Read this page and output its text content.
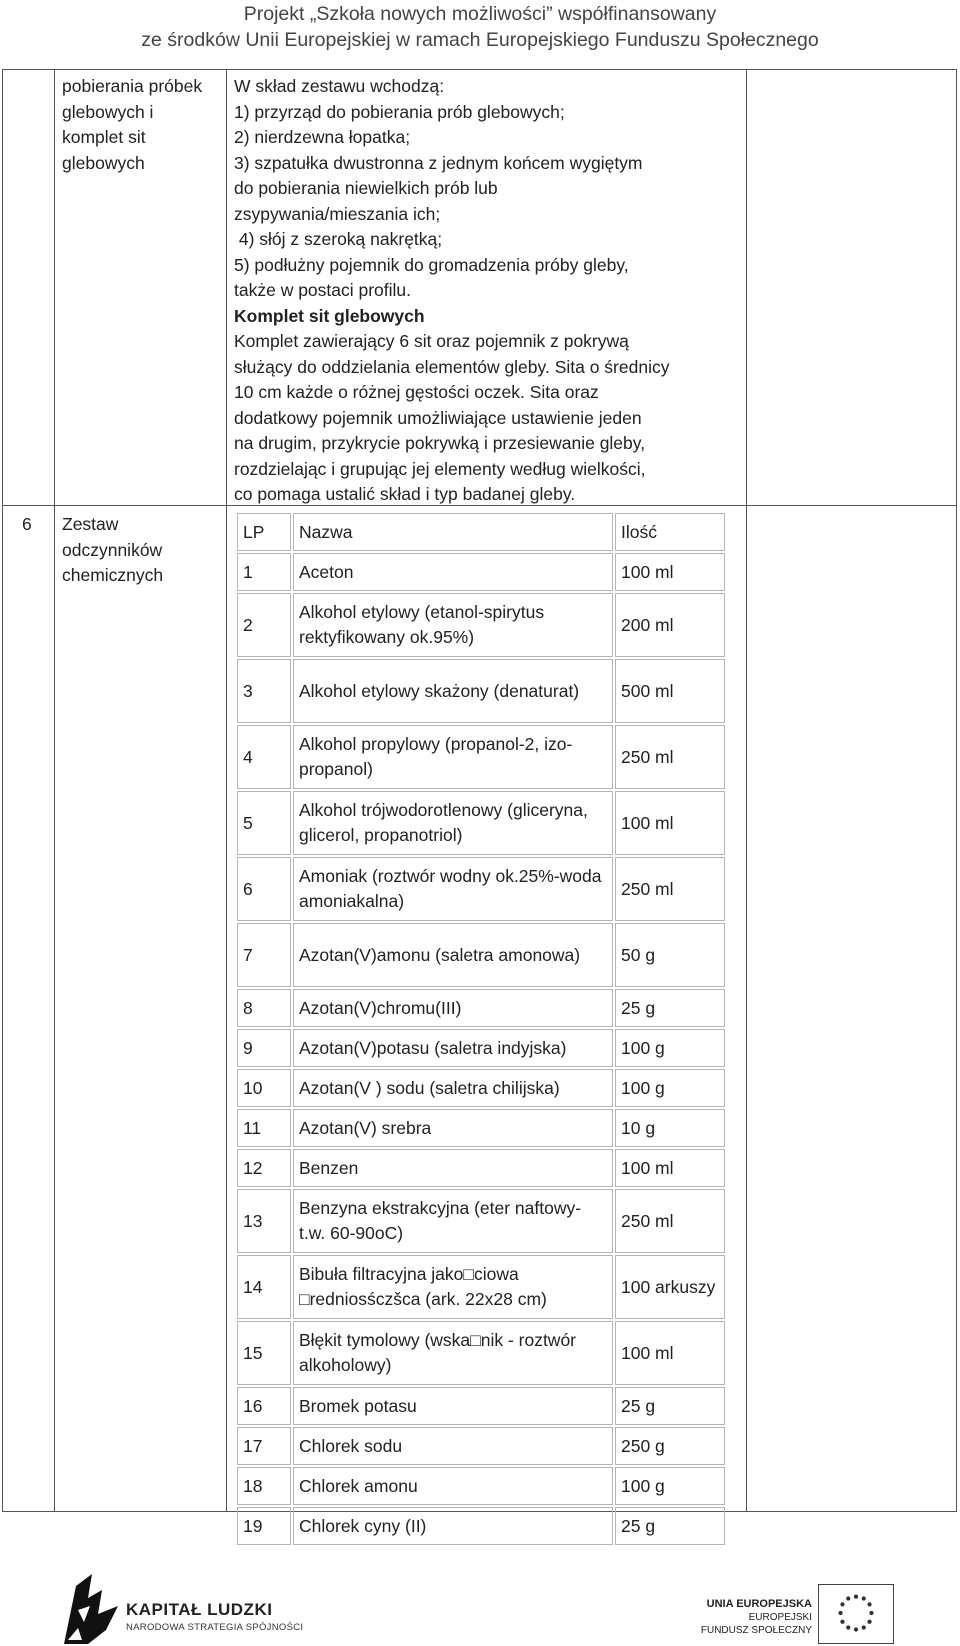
Projekt „Szkoła nowych możliwości” współfinansowany
ze środków Unii Europejskiej w ramach Europejskiego Funduszu Społecznego
pobierania próbek
glebowych i
komplet sit
glebowych
W skład zestawu wchodzą:
1) przyrząd do pobierania prób glebowych;
2) nierdzewna łopatka;
3) szpatułka dwustronna z jednym końcem wygiętym
do pobierania niewielkich prób lub
zsypywania/mieszania ich;
4) słój z szeroką nakrętką;
5) podłużny pojemnik do gromadzenia próby gleby,
także w postaci profilu.
Komplet sit glebowych
Komplet zawierający 6 sit oraz pojemnik z pokrywą
służący do oddzielania elementów gleby. Sita o średnicy
10 cm każde o różnej gęstości oczek. Sita oraz
dodatkowy pojemnik umożliwiające ustawienie jeden
na drugim, przykrycie pokrywką i przesiewanie gleby,
rozdzielając i grupując jej elementy według wielkości,
co pomaga ustalić skład i typ badanej gleby.
6 Zestaw
odczynników
chemicznych
LP	Nazwa	Ilość
1	Aceton	100 ml
2	Alkohol etylowy (etanol-spirytus rektyfikowany ok.95%)	200 ml
3	Alkohol etylowy skażony (denaturat)	500 ml
4	Alkohol propylowy (propanol-2, izo-propanol)	250 ml
5	Alkohol trójwodorotlenowy (gliceryna, glicerol, propanotriol)	100 ml
6	Amoniak (roztwór wodny ok.25%-woda amoniakalna)	250 ml
7	Azotan(V)amonu (saletra amonowa)	50 g
8	Azotan(V)chromu(III)	25 g
9	Azotan(V)potasu (saletra indyjska)	100 g
10	Azotan(V ) sodu (saletra chilijska)	100 g
11	Azotan(V) srebra	10 g
12	Benzen	100 ml
13	Benzyna ekstrakcyjna (eter naftowy- t.w. 60-90oC)	250 ml
14	Bibuła filtracyjna jako□ciowa □redniosśczšca (ark. 22x28 cm)	100 arkuszy
15	Błękit tymolowy (wska□nik - roztwór alkoholowy)	100 ml
16	Bromek potasu	25 g
17	Chlorek sodu	250 g
18	Chlorek amonu	100 g
19	Chlorek cyny (II)	25 g
KAPITAŁ LUDZKI
NARODOWA STRATEGIA SPÓJNOŚCI
UNIA EUROPEJSKA
EUROPEJSKI
FUNDUSZ SPOŁECZNY
